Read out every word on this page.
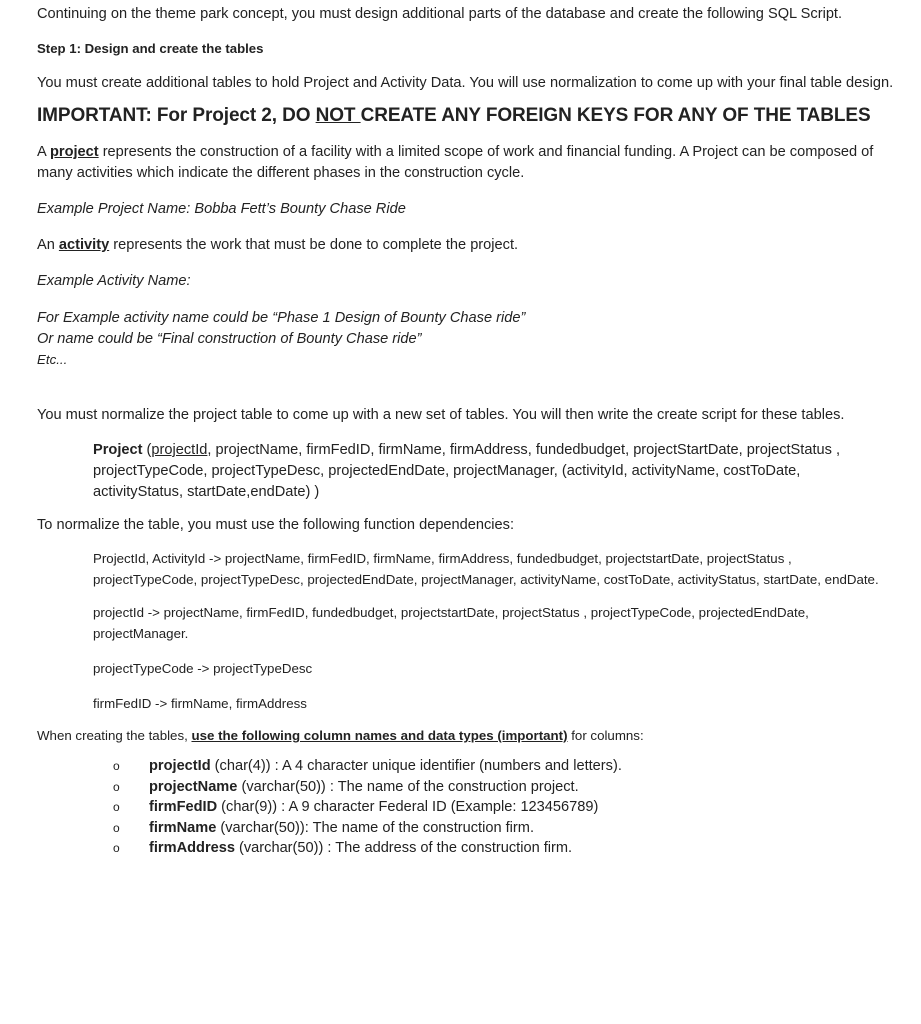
Continuing on the theme park concept, you must design additional parts of the database and create the following SQL Script.

Step 1: Design and create the tables

You must create additional tables to hold Project and Activity Data. You will use normalization to come up with your final table design.

IMPORTANT: For Project 2, DO NOT CREATE ANY FOREIGN KEYS FOR ANY OF THE TABLES

A project represents the construction of a facility with a limited scope of work and financial funding. A Project can be composed of many activities which indicate the different phases in the construction cycle.

Example Project Name: Bobba Fett’s Bounty Chase Ride

An activity represents the work that must be done to complete the project.

Example Activity Name:

For Example activity name could be “Phase 1 Design of Bounty Chase ride”

Or name could be “Final construction of Bounty Chase ride”

Etc...

You must normalize the project table to come up with a new set of tables. You will then write the create script for these tables.

Project (projectId, projectName, firmFedID, firmName, firmAddress, fundedbudget, projectStartDate, projectStatus , projectTypeCode, projectTypeDesc, projectedEndDate, projectManager, (activityId, activityName, costToDate, activityStatus, startDate,endDate) )

To normalize the table, you must use the following function dependencies:

ProjectId, ActivityId -> projectName, firmFedID, firmName, firmAddress, fundedbudget, projectstartDate, projectStatus , projectTypeCode, projectTypeDesc, projectedEndDate, projectManager, activityName, costToDate, activityStatus, startDate, endDate.

projectId -> projectName, firmFedID, fundedbudget, projectstartDate, projectStatus , projectTypeCode, projectedEndDate, projectManager.

projectTypeCode -> projectTypeDesc

firmFedID -> firmName, firmAddress

When creating the tables, use the following column names and data types (important) for columns:

o projectId (char(4)) : A 4 character unique identifier (numbers and letters).
o projectName (varchar(50)) : The name of the construction project.
o firmFedID (char(9)) : A 9 character Federal ID (Example: 123456789)
o firmName (varchar(50)): The name of the construction firm.
o firmAddress (varchar(50)) : The address of the construction firm.
